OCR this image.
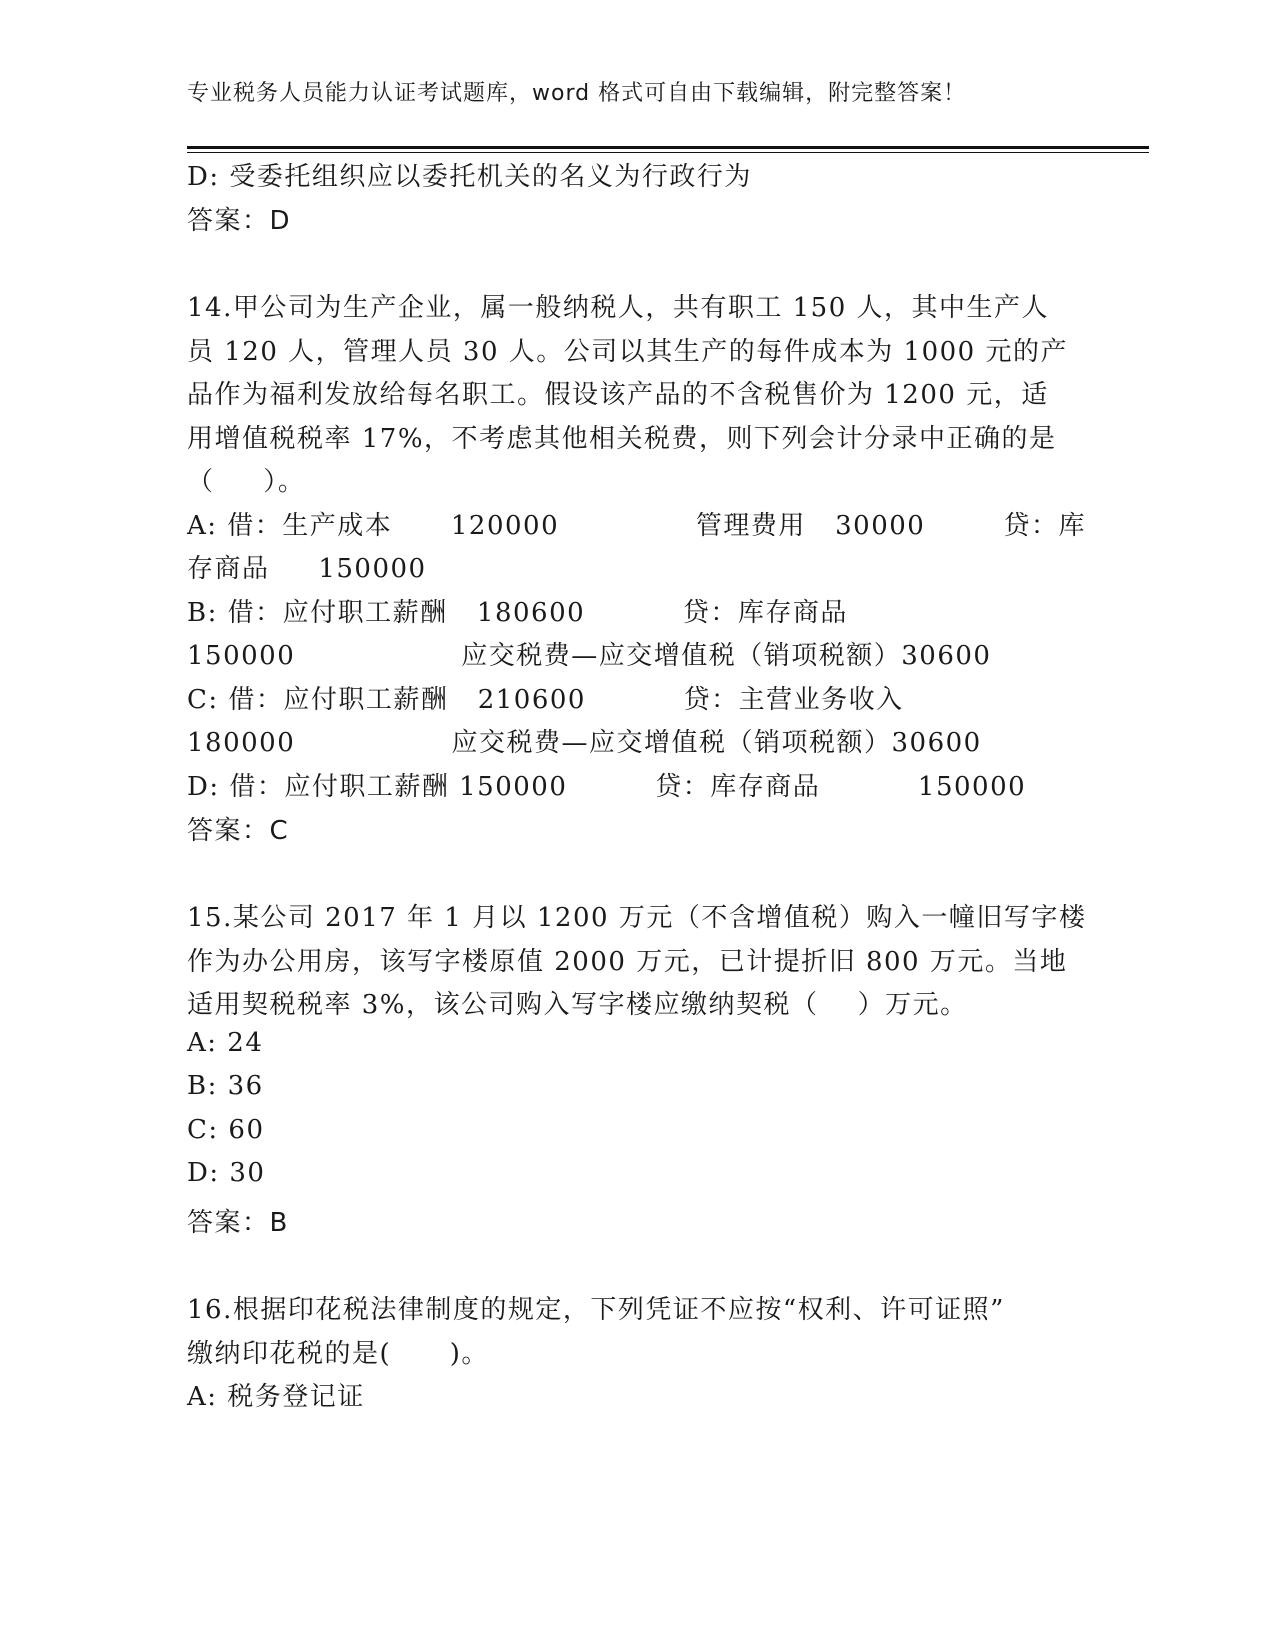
专业税务人员能力认证考试题库，word 格式可自由下载编辑，附完整答案！
D: 受委托组织应以委托机关的名义为行政行为
答案：D
14.甲公司为生产企业，属一般纳税人，共有职工 150 人，其中生产人
员 120 人，管理人员 30 人。公司以其生产的每件成本为 1000 元的产
品作为福利发放给每名职工。假设该产品的不含税售价为 1200 元，适
用增值税税率 17%，不考虑其他相关税费，则下列会计分录中正确的是
（     ）。
A: 借：生产成本      120000              管理费用   30000        贷：库
存商品     150000
B: 借：应付职工薪酬   180600          贷：库存商品
150000                 应交税费—应交增值税（销项税额）30600
C: 借：应付职工薪酬   210600          贷：主营业务收入
180000                应交税费—应交增值税（销项税额）30600
D: 借：应付职工薪酬 150000         贷：库存商品          150000
答案：C
15.某公司 2017 年 1 月以 1200 万元（不含增值税）购入一幢旧写字楼
作为办公用房，该写字楼原值 2000 万元，已计提折旧 800 万元。当地
适用契税税率 3%，该公司购入写字楼应缴纳契税（    ）万元。
A: 24
B: 36
C: 60
D: 30
答案：B
16.根据印花税法律制度的规定，下列凭证不应按“权利、许可证照”
缴纳印花税的是(      )。
A: 税务登记证
